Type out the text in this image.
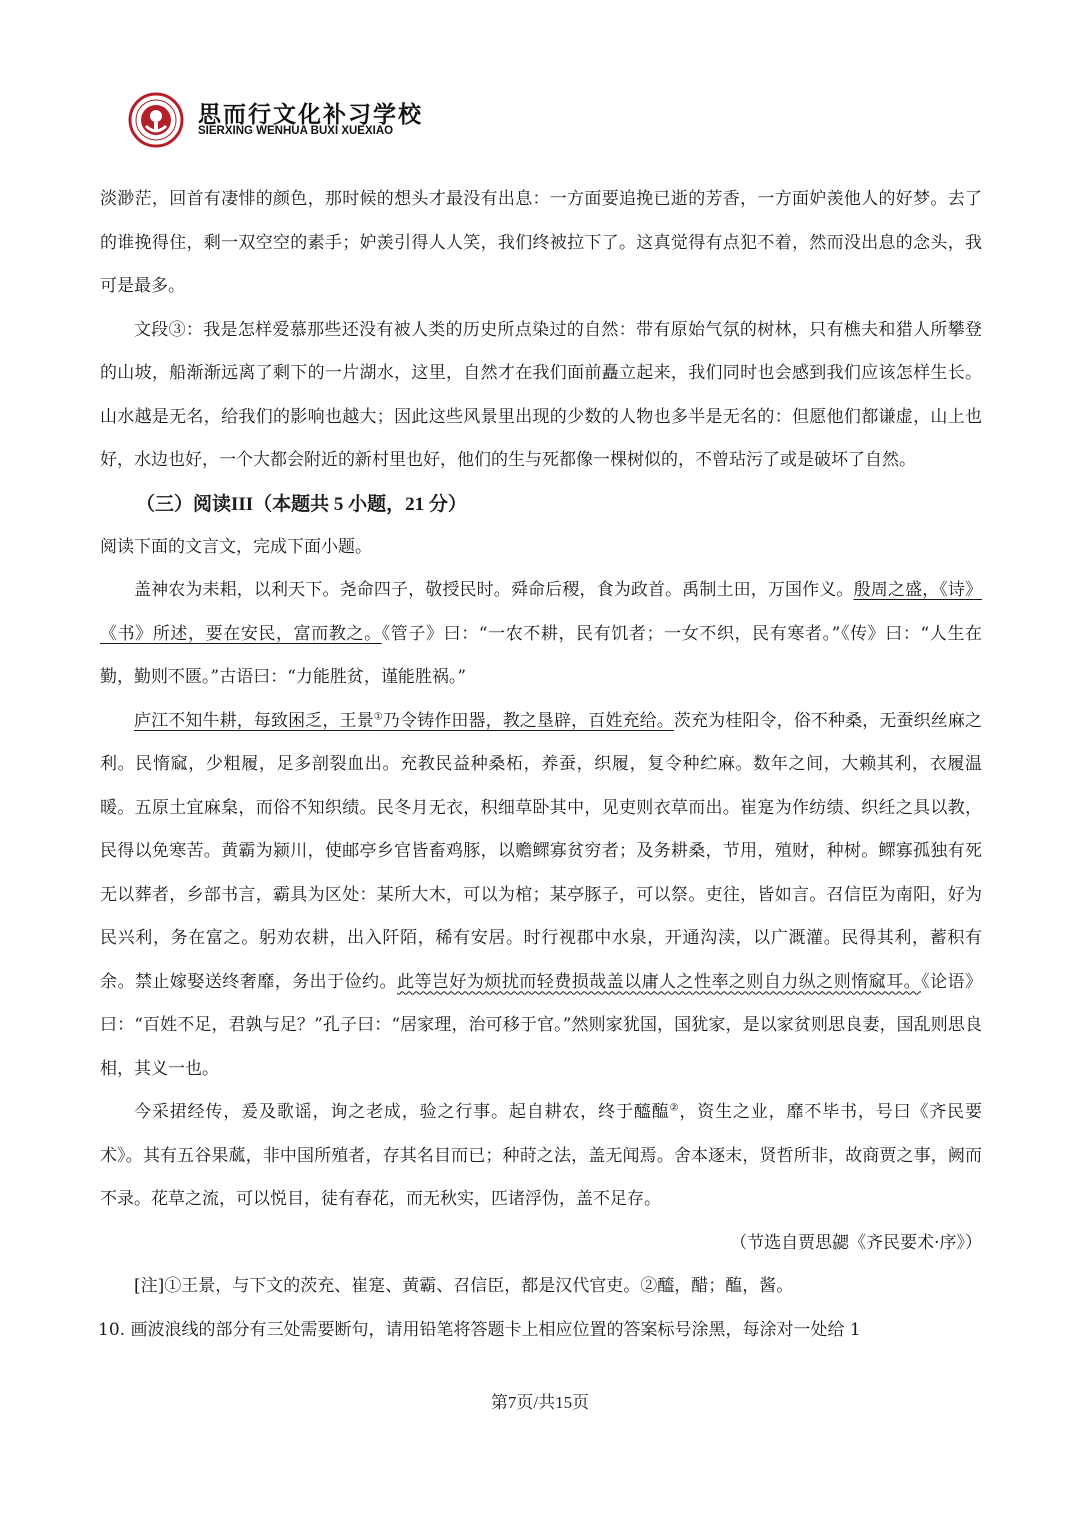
思而行文化补习学校
SIERXING WENHUA BUXI XUEXIAO

淡渺茫，回首有凄悱的颜色，那时候的想头才最没有出息：一方面要追挽已逝的芳香，一方面妒羡他人的好梦。去了的谁挽得住，剩一双空空的素手；妒羡引得人人笑，我们终被拉下了。这真觉得有点犯不着，然而没出息的念头，我可是最多。

文段③：我是怎样爱慕那些还没有被人类的历史所点染过的自然：带有原始气氛的树林，只有樵夫和猎人所攀登的山坡，船渐渐远离了剩下的一片湖水，这里，自然才在我们面前矗立起来，我们同时也会感到我们应该怎样生长。山水越是无名，给我们的影响也越大；因此这些风景里出现的少数的人物也多半是无名的：但愿他们都谦虚，山上也好，水边也好，一个大都会附近的新村里也好，他们的生与死都像一棵树似的，不曾玷污了或是破坏了自然。

（三）阅读III（本题共 5 小题，21 分）

阅读下面的文言文，完成下面小题。

盖神农为耒耜，以利天下。尧命四子，敬授民时。舜命后稷，食为政首。禹制土田，万国作义。殷周之盛，《诗》《书》所述，要在安民，富而教之。《管子》曰：“一农不耕，民有饥者；一女不织，民有寒者。”《传》曰：“人生在勤，勤则不匮。”古语曰：“力能胜贫，谨能胜祸。”

庐江不知牛耕，每致困乏，王景①乃令铸作田器，教之垦辟，百姓充给。茨充为桂阳令，俗不种桑，无蚕织丝麻之利。民惰窳，少粗履，足多剖裂血出。充教民益种桑柘，养蚕，织履，复令种纻麻。数年之间，大赖其利，衣履温暖。五原土宜麻枲，而俗不知织绩。民冬月无衣，积细草卧其中，见吏则衣草而出。崔寔为作纺绩、织纴之具以教，民得以免寒苦。黄霸为颍川，使邮亭乡官皆畜鸡豚，以赡鳏寡贫穷者；及务耕桑，节用，殖财，种树。鳏寡孤独有死无以葬者，乡部书言，霸具为区处：某所大木，可以为棺；某亭豚子，可以祭。吏往，皆如言。召信臣为南阳，好为民兴利，务在富之。躬劝农耕，出入阡陌，稀有安居。时行视郡中水泉，开通沟渎，以广溉灌。民得其利，蓄积有余。禁止嫁娶送终奢靡，务出于俭约。此等岂好为烦扰而轻费损哉盖以庸人之性率之则自力纵之则惰窳耳。《论语》曰：“百姓不足，君孰与足？”孔子曰：“居家理，治可移于官。”然则家犹国，国犹家，是以家贫则思良妻，国乱则思良相，其义一也。

今采捃经传，爰及歌谣，询之老成，验之行事。起自耕农，终于醯醢②，资生之业，靡不毕书，号曰《齐民要术》。其有五谷果蓏，非中国所殖者，存其名目而已；种莳之法，盖无闻焉。舍本逐末，贤哲所非，故商贾之事，阙而不录。花草之流，可以悦目，徒有春花，而无秋实，匹诸浮伪，盖不足存。

（节选自贾思勰《齐民要术·序》）

[注]①王景，与下文的茨充、崔寔、黄霸、召信臣，都是汉代官吏。②醯，醋；醢，酱。

10. 画波浪线的部分有三处需要断句，请用铅笔将答题卡上相应位置的答案标号涂黑，每涂对一处给 1

第7页/共15页
